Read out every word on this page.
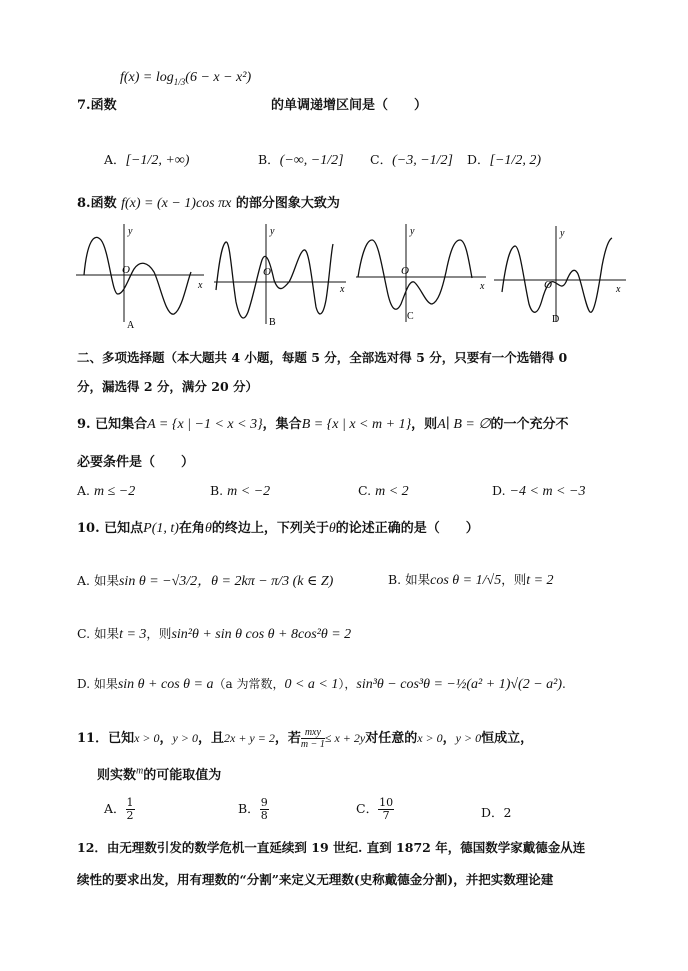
$f(x) = \log_{1/3}(6 - x - x^2)$
7.函数	的单调递增区间是（　　）
A．[−1/2, +∞)	B．(−∞, −1/2] C．(−3, −1/2] D．[−1/2, 2)
8.函数 f(x) = (x − 1)cos πx 的部分图象大致为
y
O
x
A
y
O
x
B
y
O
x
C
y
O	x
D
二、多项选择题（本大题共 4 小题，每题 5 分，全部选对得 5 分，只要有一个选错得 0
分，漏选得 2 分，满分 20 分）
9. 已知集合A = {x | −1 < x < 3}，集合B = {x | x < m + 1}，则A∣ B = ∅的一个充分不
必要条件是（　　）
A. m ≤ −2	B. m < −2	C. m < 2	D. −4 < m < −3
10. 已知点P(1, t)在角θ的终边上，下列关于θ的论述正确的是（　　）
A. 如果sin θ = −√3/2，θ = 2kπ − π/3 (k ∈ Z)	B. 如果cos θ = 1/√5，则t = 2
C. 如果t = 3，则sin²θ + sin θ cos θ + 8cos²θ = 2
D. 如果sin θ + cos θ = a（a 为常数，0 < a < 1），sin³θ − cos³θ = −½(a² + 1)√(2 − a²).
11．已知x > 0，y > 0，且2x + y = 2，若 mxy
m − 1 ≤ x + 2y对任意的x > 0，y > 0恒成立，
则实数$^m$的可能取值为
A． $\frac{1}{2}$	B． $\frac{9}{8}$	C． $\frac{10}{7}$	D．2
12．由无理数引发的数学危机一直延续到 19 世纪. 直到 1872 年，德国数学家戴德金从连
续性的要求出发，用有理数的“分割”来定义无理数(史称戴德金分割)，并把实数理论建
